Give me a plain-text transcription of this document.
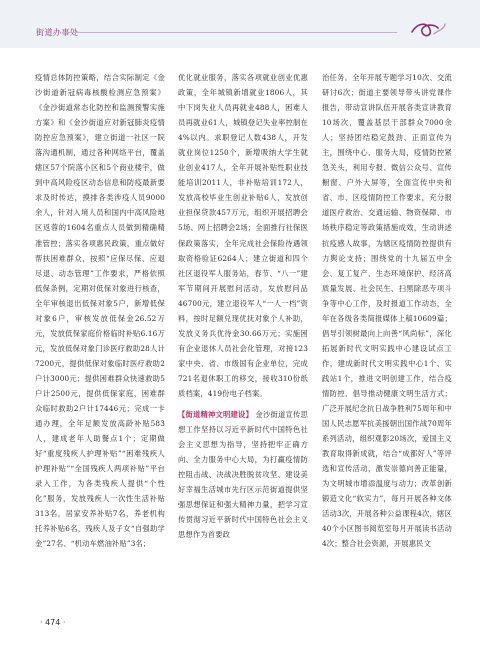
街道办事处

疫情总体防控策略，结合实际制定《金沙街道新冠病毒核酸检测应急预案》《金沙街道常态化防控和监测预警实施方案》和《金沙街道应对新冠肺炎疫情防控应急预案》，建立街道一社区一院落沟通机制，通过各种网络平台，覆盖辖区57个院落小区和5个商业楼宇，做到中高风险疫区动态信息和防疫最新要求及时传达，摸排各类涉疫人员9000余人，针对入境人员和国内中高风险地区返蓉的1604名重点人员做到精确精准管控；落实各项惠民政策，重点做好帮扶困难群众，按照“应保尽保、应退尽退、动态管理”工作要求，严格依照低保条例，定期对低保对象进行核查，全年审核退出低保对象5户，新增低保对象6户，审核发放低保金26.52万元，发放低保家庭价格临时补贴6.16万元，发放低保对象门诊医疗救助28人计7200元，提供低保对象临时医疗救助2户计3000元；提供困难群众快速救助5户计2500元，提供低保家庭、困难群众临时救助2户计17446元；完成一卡通办理，全年足额发放高龄补贴583人，建成老年人助餐点1个；定期做好“重度残疾人护理补贴”“困难残疾人护理补贴”“全国残疾人两项补贴”平台录入工作，为各类残疾人提供“个性化”服务，发放残疾人一次性生活补贴313名，居家安养补贴7名，养老机构托养补贴6名，残疾人及子女“自强助学金”27名、“机动车燃油补贴”3名；

优化就业服务，落实各项就业创业优惠政策，全年城镇新增就业1806人，其中下岗失业人员再就业488人，困难人员再就业61人，城镇登记失业率控制在4%以内。求职登记人数438人，开发就业岗位1250个，新增吸纳大学生就业创业417人，全年开展补贴性职业技能培训2011人，非补贴培训172人，发放高校毕业生创业补贴6人，发放创业担保贷款457万元，组织开展招聘会5场、网上招聘会2场；全面推行社保医保政策落实，全年完成社会保险待遇领取资格验证6264人；建立街道和四个社区退役军人服务站，春节、“八一”建军节期间开展慰问活动，发放慰问品46700元，建立退役军人“一人一档”资料，按时足额兑现优抚对象个人补助，发放义务兵优待金30.66万元；实施困有企业退休人员社会化管理，对接123家中央、省、市级国有企业单位，完成721名退休职工的移交，接收310份纸质档案，419份电子档案。

【街道精神文明建设】 金沙街道宣传思想工作坚持以习近平新时代中国特色社会主义思想为指导，坚持把牢正确方向、全力服务中心大局，为打赢疫情防控阻击战、决战决胜脱贫攻坚、建设美好幸福生活城市先行区示范街道提供坚强思想保证和强大精神力量，把学习宣传贯彻习近平新时代中国特色社会主义思想作为首要政

治任务。全年开展专题学习10次、交流研讨6次；街道主要领导带头讲党课作报告，带动宣讲队伍开展各类宣讲教育10场次，覆盖基层干部群众7000余人；坚持团结稳定鼓劲、正面宣传为主，围绕中心、服务大局，疫情防控紧急关头，利用专报、微信公众号、宣传橱窗、户外大屏等，全面宣传中央和省、市、区疫情防控工作要求，充分报道医疗救治、交通运输、物资保障、市场秩序稳定等政策措施成效，生动讲述抗疫感人故事，为辖区疫情防控提供有力舆论支持；围绕党的十九届五中全会、复工复产、生态环境保护、经济高质量发展、社会民生、扫黑除恶专项斗争等中心工作，及时报道工作动态，全年在各级各类简报媒体上稿10609篇；倡导引领树最向上向善“风尚标”，深化拓展新时代文明实践中心建设试点工作，建成新时代文明实践中心1个、实践站1个，推进文明创建工作，结合疫情防控、倡导推动健康文明生活方式；广泛开展纪念抗日战争胜利75周年和中国人民志愿军抗美援朝出国作战70周年系列活动，组织观影20场次，爱国主义教育取得新成就，结合“成都好人”等评选和宣传活动，激发崇德向善正能量，为文明城市增添温度与动力；改革创新锻造文化“软实力”，每月开展各种文体活动3次，开展各种公益课程4次，辖区40个小区图书阅览室每月开展读书活动4次；整合社会资源，开展惠民文

· 474 ·
